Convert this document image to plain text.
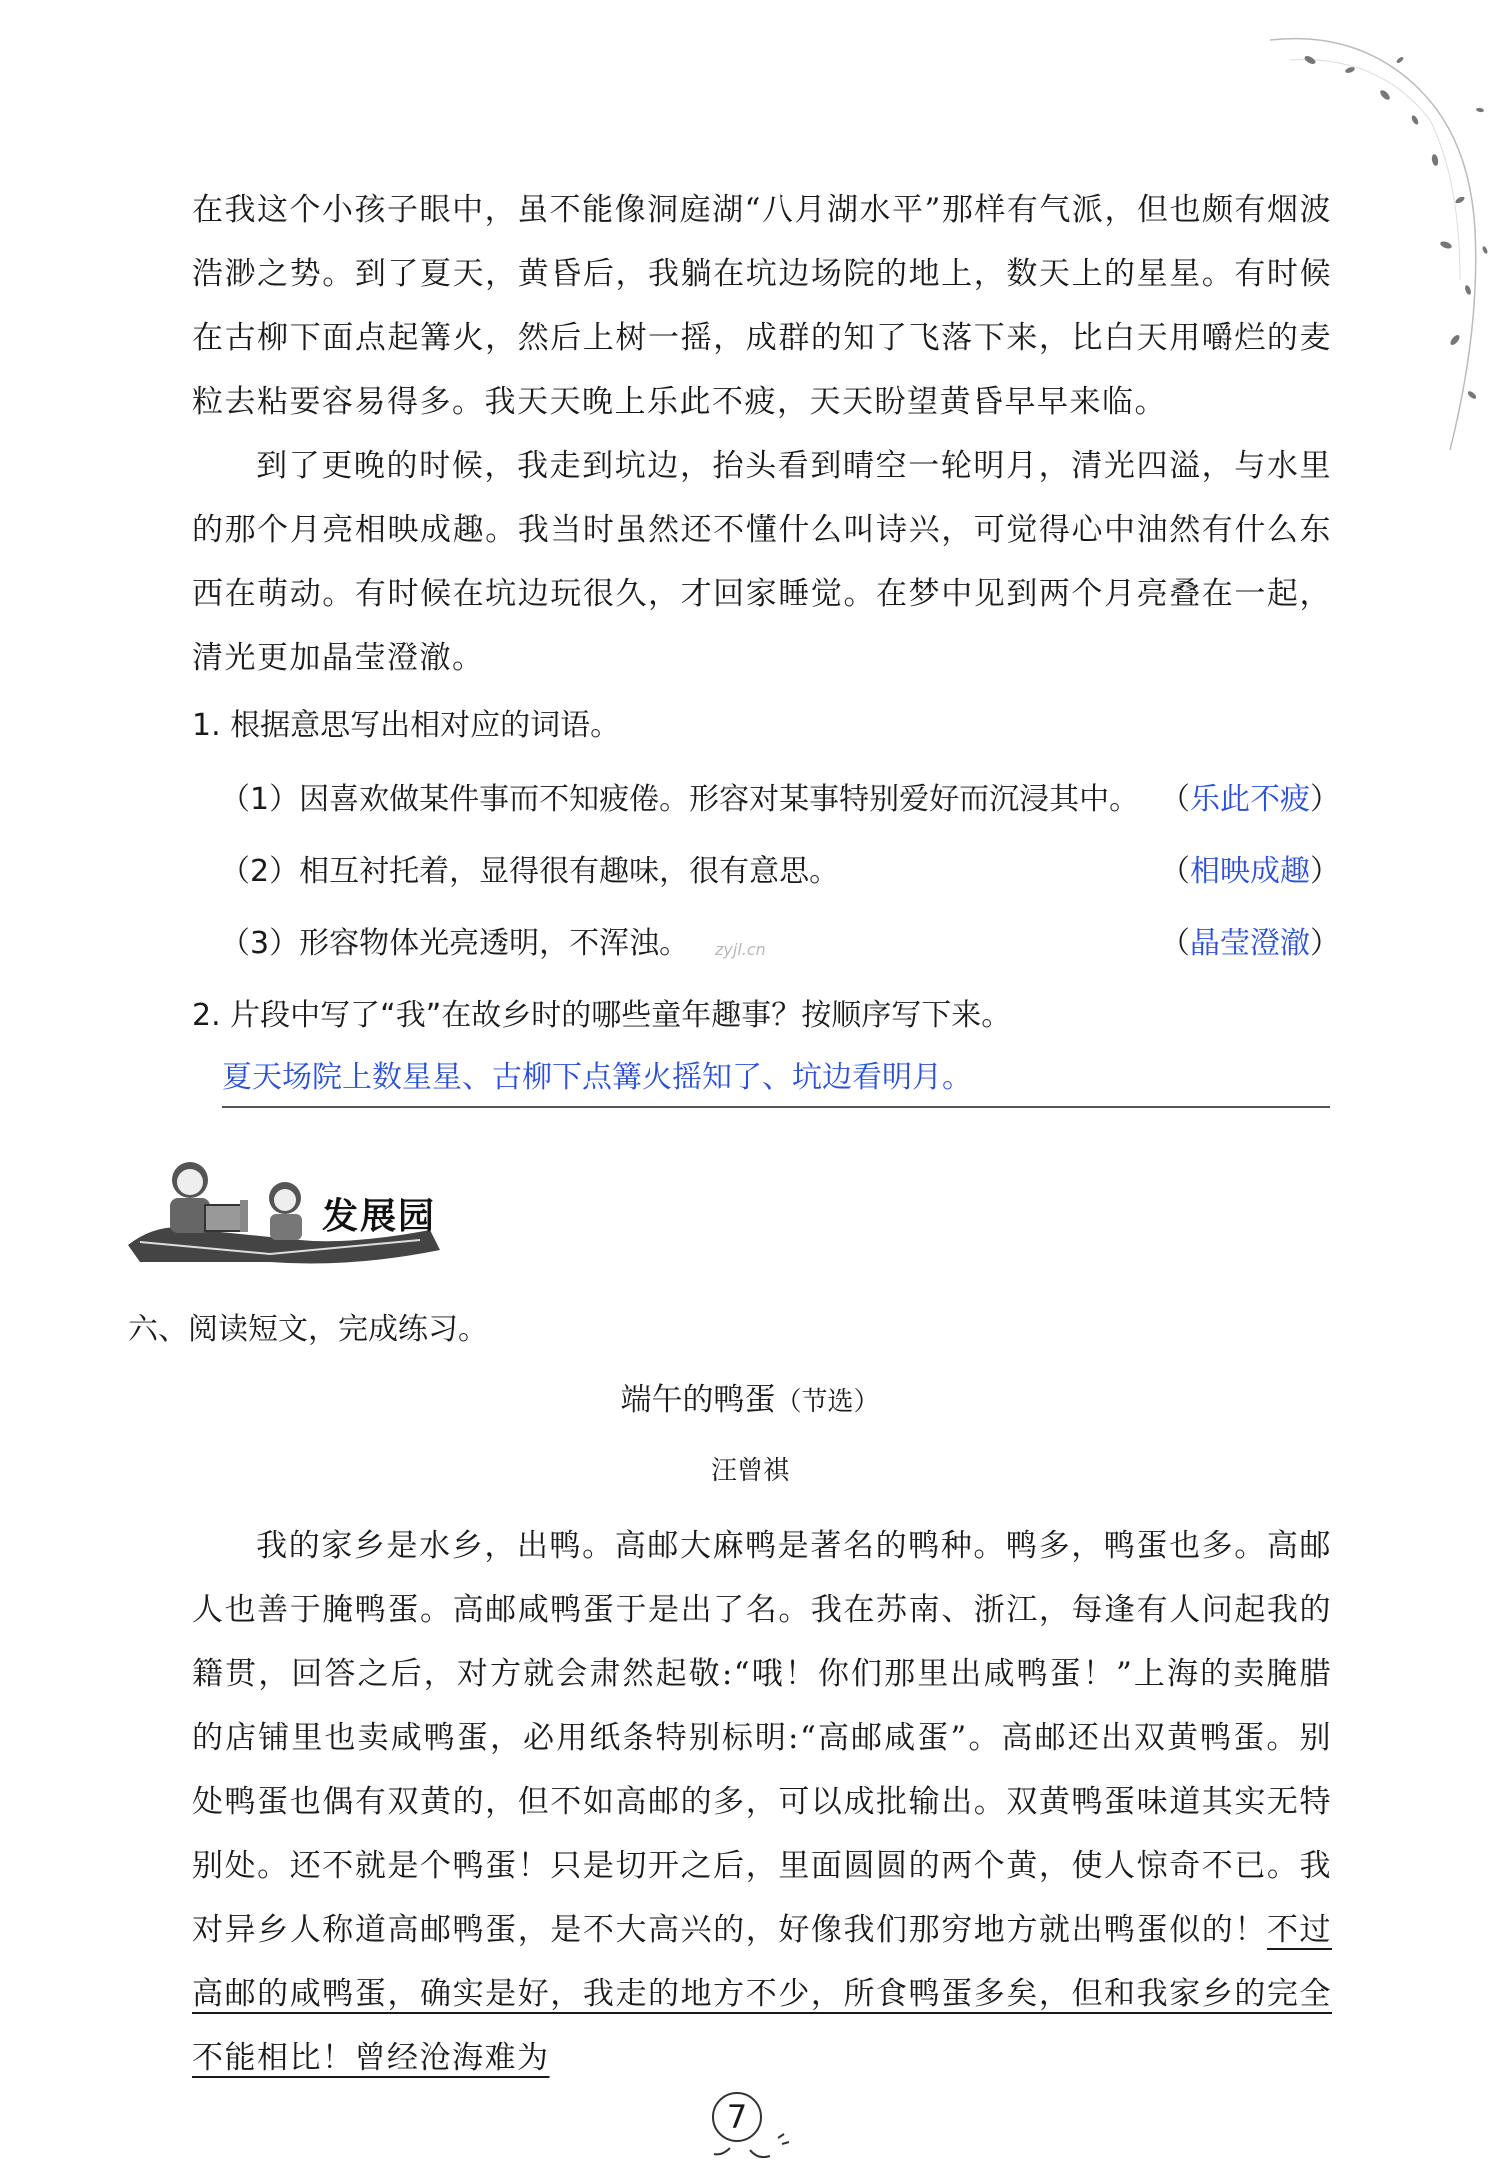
在我这个小孩子眼中，虽不能像洞庭湖“八月湖水平”那样有气派，但也颇有烟波浩渺之势。到了夏天，黄昏后，我躺在坑边场院的地上，数天上的星星。有时候在古柳下面点起篝火，然后上树一摇，成群的知了飞落下来，比白天用嚼烂的麦粒去粘要容易得多。我天天晚上乐此不疲，天天盼望黄昏早早来临。

到了更晚的时候，我走到坑边，抬头看到晴空一轮明月，清光四溢，与水里的那个月亮相映成趣。我当时虽然还不懂什么叫诗兴，可觉得心中油然有什么东西在萌动。有时候在坑边玩很久，才回家睡觉。在梦中见到两个月亮叠在一起，清光更加晶莹澄澈。

1. 根据意思写出相对应的词语。
（1）因喜欢做某件事而不知疲倦。形容对某事特别爱好而沉浸其中。 （乐此不疲）
（2）相互衬托着，显得很有趣味，很有意思。	（相映成趣）
（3）形容物体光亮透明，不浑浊。	（晶莹澄澈）
zyjl.cn
2. 片段中写了“我”在故乡时的哪些童年趣事？按顺序写下来。
夏天场院上数星星、古柳下点篝火摇知了、坑边看明月。
发展园
六、阅读短文，完成练习。
端午的鸭蛋（节选）
汪曾祺

我的家乡是水乡，出鸭。高邮大麻鸭是著名的鸭种。鸭多，鸭蛋也多。高邮人也善于腌鸭蛋。高邮咸鸭蛋于是出了名。我在苏南、浙江，每逢有人问起我的籍贯，回答之后，对方就会肃然起敬:“哦！你们那里出咸鸭蛋！”上海的卖腌腊的店铺里也卖咸鸭蛋，必用纸条特别标明:“高邮咸蛋”。高邮还出双黄鸭蛋。别处鸭蛋也偶有双黄的，但不如高邮的多，可以成批输出。双黄鸭蛋味道其实无特别处。还不就是个鸭蛋！只是切开之后，里面圆圆的两个黄，使人惊奇不已。我对异乡人称道高邮鸭蛋，是不大高兴的，好像我们那穷地方就出鸭蛋似的！不过高邮的咸鸭蛋，确实是好，我走的地方不少，所食鸭蛋多矣，但和我家乡的完全不能相比！曾经沧海难为

7
